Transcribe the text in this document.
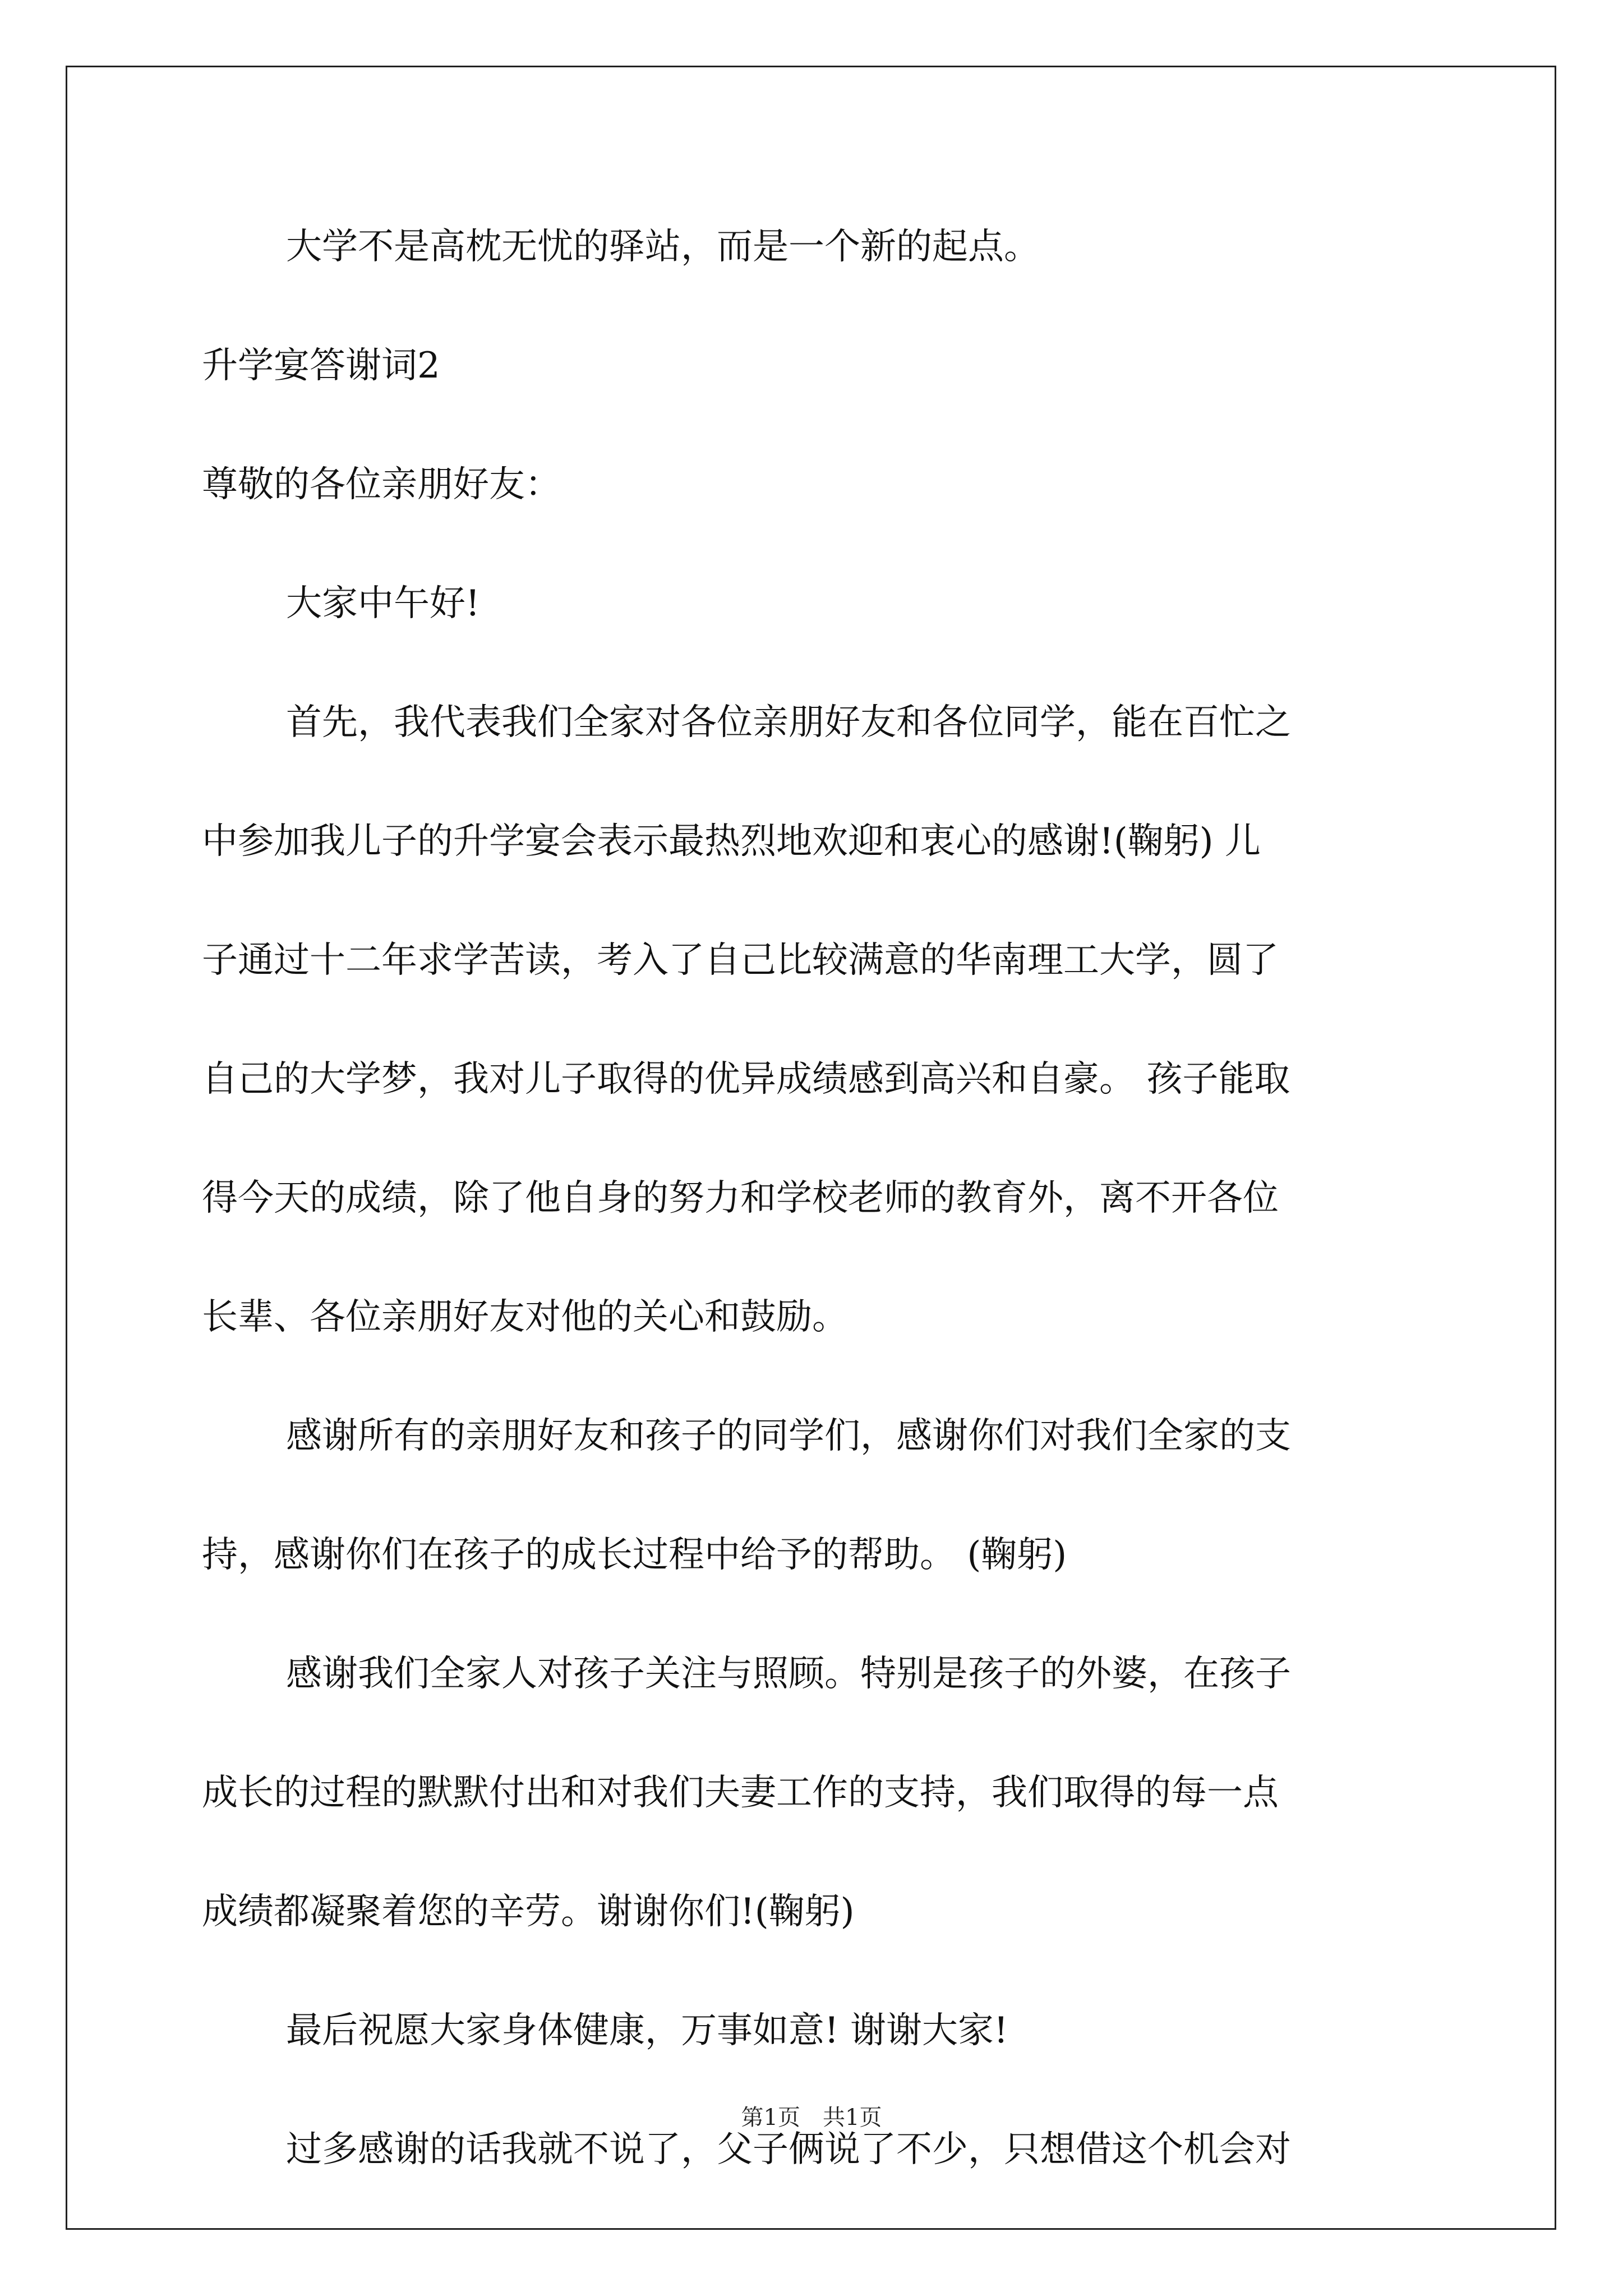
大学不是高枕无忧的驿站，而是一个新的起点。
升学宴答谢词2
尊敬的各位亲朋好友：
大家中午好!
首先，我代表我们全家对各位亲朋好友和各位同学，能在百忙之
中参加我儿子的升学宴会表示最热烈地欢迎和衷心的感谢!(鞠躬) 儿
子通过十二年求学苦读，考入了自己比较满意的华南理工大学，圆了
自己的大学梦，我对儿子取得的优异成绩感到高兴和自豪。 孩子能取
得今天的成绩，除了他自身的努力和学校老师的教育外，离不开各位
长辈、各位亲朋好友对他的关心和鼓励。
感谢所有的亲朋好友和孩子的同学们，感谢你们对我们全家的支
持，感谢你们在孩子的成长过程中给予的帮助。 (鞠躬)
感谢我们全家人对孩子关注与照顾。特别是孩子的外婆，在孩子
成长的过程的默默付出和对我们夫妻工作的支持，我们取得的每一点
成绩都凝聚着您的辛劳。谢谢你们!(鞠躬)
最后祝愿大家身体健康，万事如意! 谢谢大家!
过多感谢的话我就不说了，父子俩说了不少，只想借这个机会对
第1页　共1页
